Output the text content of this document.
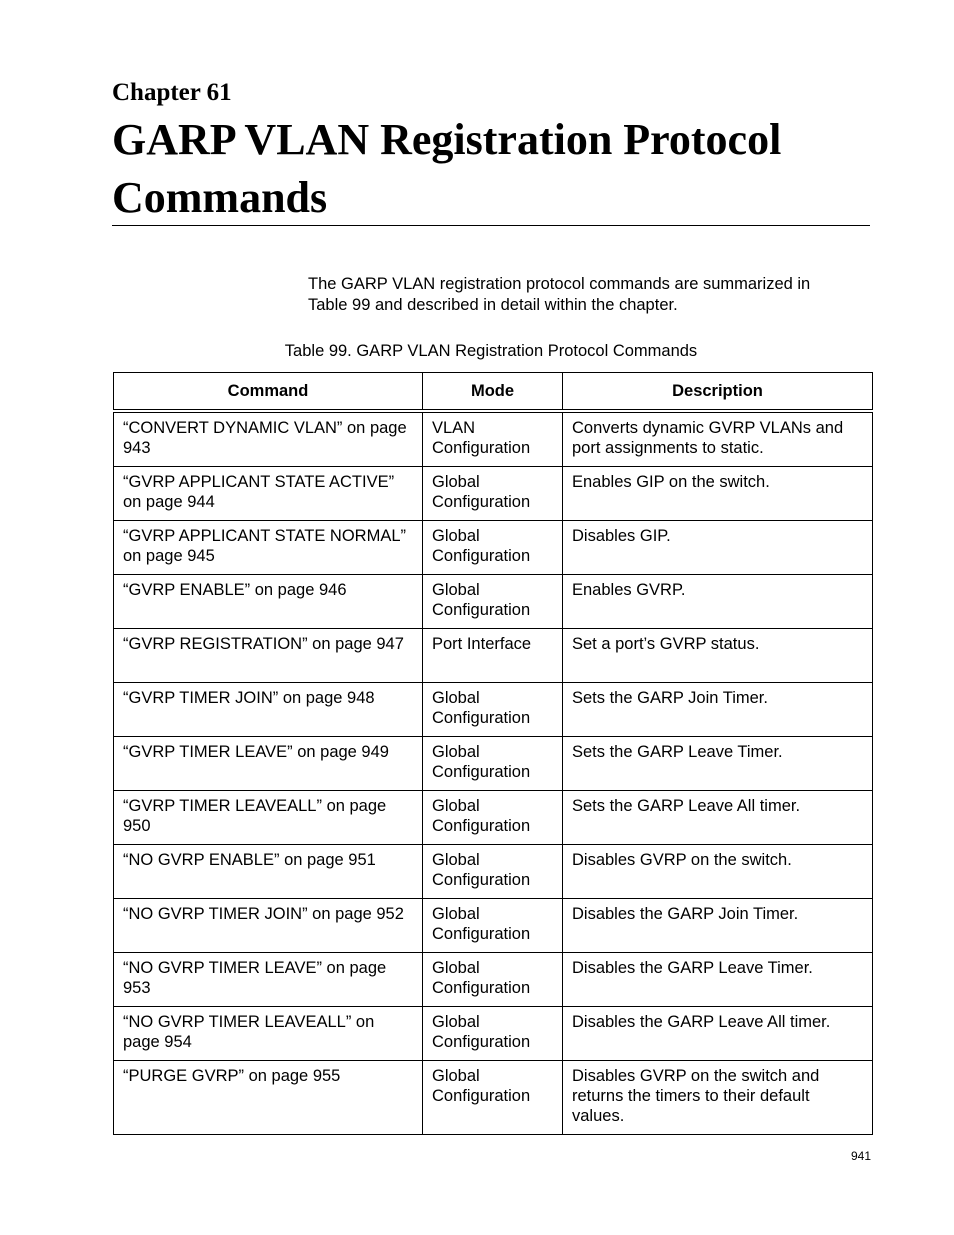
Chapter 61
GARP VLAN Registration Protocol Commands

The GARP VLAN registration protocol commands are summarized in Table 99 and described in detail within the chapter.

Table 99. GARP VLAN Registration Protocol Commands
Command	Mode	Description
“CONVERT DYNAMIC VLAN” on page 943	VLAN Configuration	Converts dynamic GVRP VLANs and port assignments to static.
“GVRP APPLICANT STATE ACTIVE” on page 944	Global Configuration	Enables GIP on the switch.
“GVRP APPLICANT STATE NORMAL” on page 945	Global Configuration	Disables GIP.
“GVRP ENABLE” on page 946	Global Configuration	Enables GVRP.
“GVRP REGISTRATION” on page 947	Port Interface	Set a port’s GVRP status.
“GVRP TIMER JOIN” on page 948	Global Configuration	Sets the GARP Join Timer.
“GVRP TIMER LEAVE” on page 949	Global Configuration	Sets the GARP Leave Timer.
“GVRP TIMER LEAVEALL” on page 950	Global Configuration	Sets the GARP Leave All timer.
“NO GVRP ENABLE” on page 951	Global Configuration	Disables GVRP on the switch.
“NO GVRP TIMER JOIN” on page 952	Global Configuration	Disables the GARP Join Timer.
“NO GVRP TIMER LEAVE” on page 953	Global Configuration	Disables the GARP Leave Timer.
“NO GVRP TIMER LEAVEALL” on page 954	Global Configuration	Disables the GARP Leave All timer.
“PURGE GVRP” on page 955	Global Configuration	Disables GVRP on the switch and returns the timers to their default values.
941
